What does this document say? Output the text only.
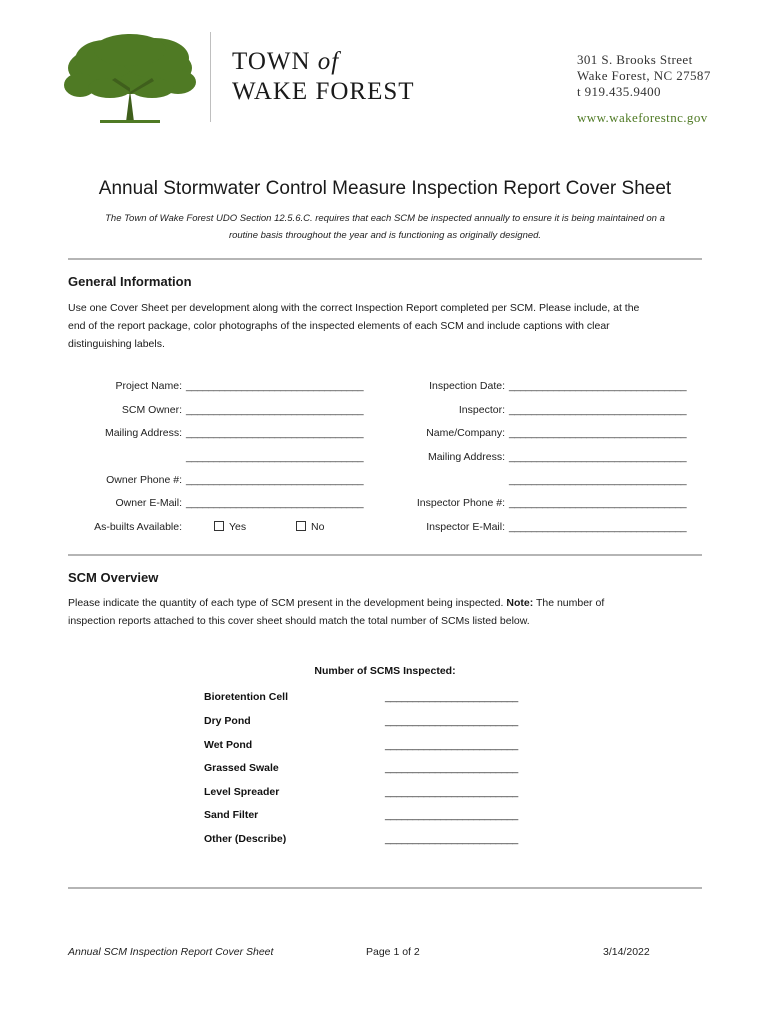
TOWN of
WAKE FOREST
301 S. Brooks Street
Wake Forest, NC 27587
t 919.435.9400
www.wakeforestnc.gov
Annual Stormwater Control Measure Inspection Report Cover Sheet
The Town of Wake Forest UDO Section 12.5.6.C. requires that each SCM be inspected annually to ensure it is being maintained on a
routine basis throughout the year and is functioning as originally designed.
General Information
Use one Cover Sheet per development along with the correct Inspection Report completed per SCM. Please include, at the
end of the report package, color photographs of the inspected elements of each SCM and include captions with clear
distinguishing labels.
Project Name: ________________________________
SCM Owner: ________________________________
Mailing Address: ________________________________
________________________________
Owner Phone #: ________________________________
Owner E-Mail: ________________________________
As-builts Available:	Yes	No
Inspection Date: ________________________________
Inspector: ________________________________
Name/Company: ________________________________
Mailing Address: ________________________________
________________________________
Inspector Phone #: ________________________________
Inspector E-Mail: ________________________________
SCM Overview
Please indicate the quantity of each type of SCM present in the development being inspected. Note: The number of
inspection reports attached to this cover sheet should match the total number of SCMs listed below.
Number of SCMS Inspected:
Bioretention Cell	________________________
Dry Pond	________________________
Wet Pond	________________________
Grassed Swale	________________________
Level Spreader	________________________
Sand Filter	________________________
Other (Describe)	________________________
Annual SCM Inspection Report Cover Sheet	Page 1 of 2	3/14/2022
